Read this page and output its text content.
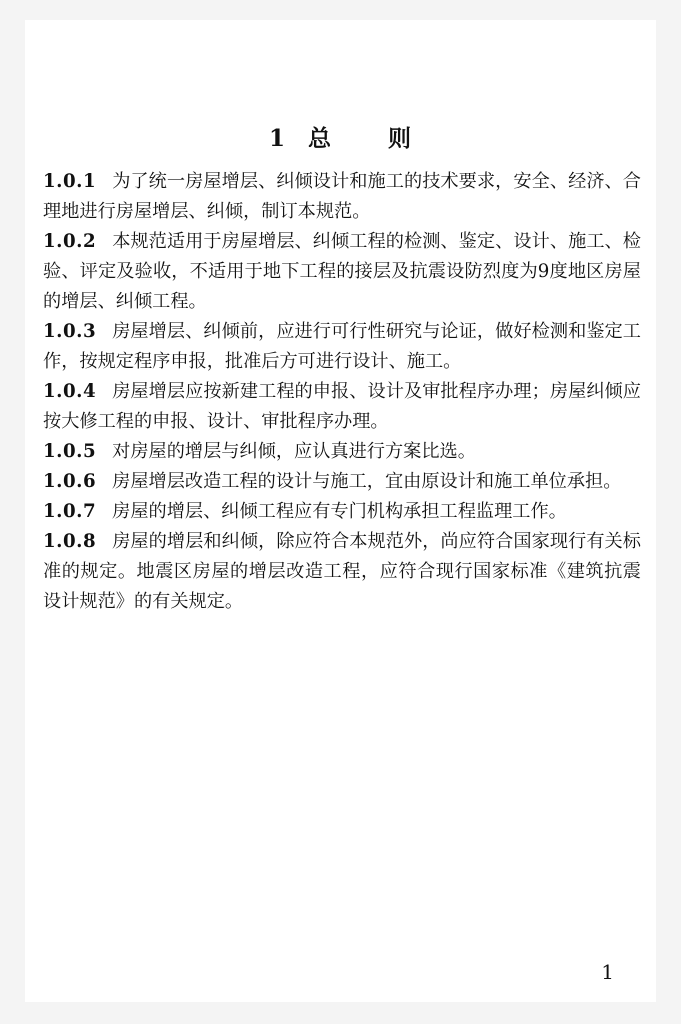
1 总 则

1.0.1 为了统一房屋增层、纠倾设计和施工的技术要求，安全、经济、合理地进行房屋增层、纠倾，制订本规范。

1.0.2 本规范适用于房屋增层、纠倾工程的检测、鉴定、设计、施工、检验、评定及验收，不适用于地下工程的接层及抗震设防烈度为9度地区房屋的增层、纠倾工程。

1.0.3 房屋增层、纠倾前，应进行可行性研究与论证，做好检测和鉴定工作，按规定程序申报，批准后方可进行设计、施工。

1.0.4 房屋增层应按新建工程的申报、设计及审批程序办理；房屋纠倾应按大修工程的申报、设计、审批程序办理。

1.0.5 对房屋的增层与纠倾，应认真进行方案比选。

1.0.6 房屋增层改造工程的设计与施工，宜由原设计和施工单位承担。

1.0.7 房屋的增层、纠倾工程应有专门机构承担工程监理工作。

1.0.8 房屋的增层和纠倾，除应符合本规范外，尚应符合国家现行有关标准的规定。地震区房屋的增层改造工程，应符合现行国家标准《建筑抗震设计规范》的有关规定。

1
